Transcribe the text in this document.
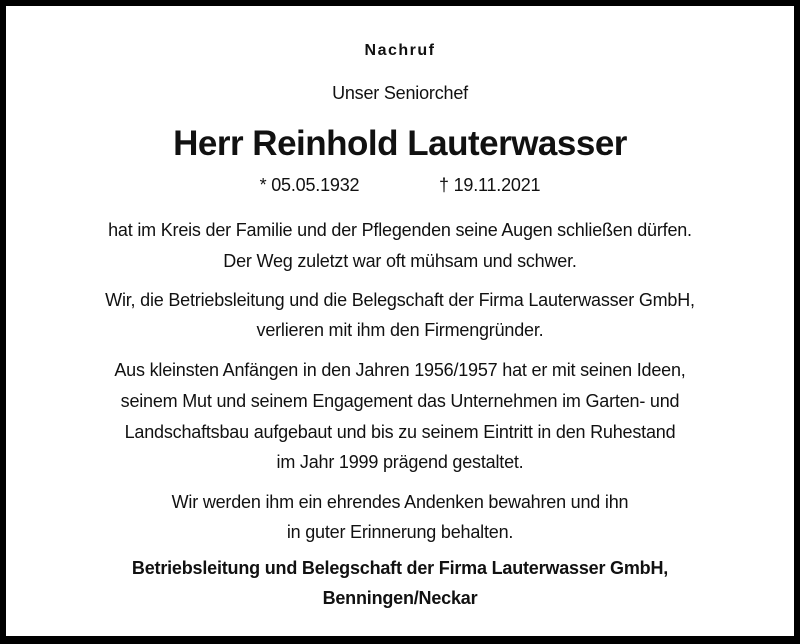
Nachruf
Unser Seniorchef
Herr Reinhold Lauterwasser
* 05.05.1932	† 19.11.2021
hat im Kreis der Familie und der Pflegenden seine Augen schließen dürfen.
Der Weg zuletzt war oft mühsam und schwer.
Wir, die Betriebsleitung und die Belegschaft der Firma Lauterwasser GmbH,
verlieren mit ihm den Firmengründer.
Aus kleinsten Anfängen in den Jahren 1956/1957 hat er mit seinen Ideen,
seinem Mut und seinem Engagement das Unternehmen im Garten- und
Landschaftsbau aufgebaut und bis zu seinem Eintritt in den Ruhestand
im Jahr 1999 prägend gestaltet.
Wir werden ihm ein ehrendes Andenken bewahren und ihn
in guter Erinnerung behalten.
Betriebsleitung und Belegschaft der Firma Lauterwasser GmbH,
Benningen/Neckar
